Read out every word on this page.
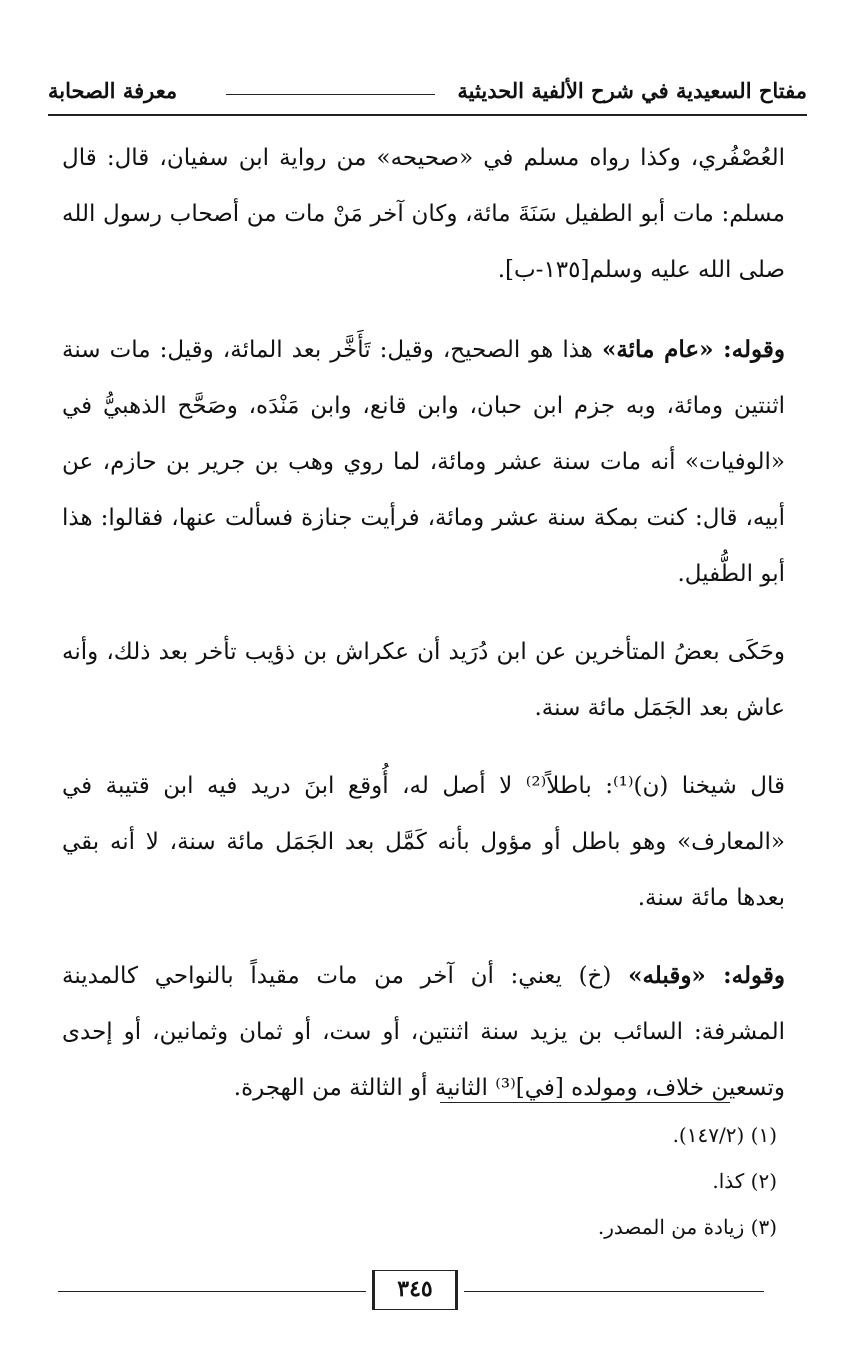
مفتاح السعيدية في شرح الألفية الحديثية
معرفة الصحابة

العُصْفُري، وكذا رواه مسلم في «صحيحه» من رواية ابن سفيان، قال: قال مسلم: مات أبو الطفيل سَنَةَ مائة، وكان آخر مَنْ مات من أصحاب رسول الله صلى الله عليه وسلم[١٣٥-ب].

وقوله: «عام مائة» هذا هو الصحيح، وقيل: تَأَخَّر بعد المائة، وقيل: مات سنة اثنتين ومائة، وبه جزم ابن حبان، وابن قانع، وابن مَنْدَه، وصَحَّح الذهبيُّ في «الوفيات» أنه مات سنة عشر ومائة، لما روي وهب بن جرير بن حازم، عن أبيه، قال: كنت بمكة سنة عشر ومائة، فرأيت جنازة فسألت عنها، فقالوا: هذا أبو الطُّفيل.

وحَكَى بعضُ المتأخرين عن ابن دُرَيد أن عكراش بن ذؤيب تأخر بعد ذلك، وأنه عاش بعد الجَمَل مائة سنة.

قال شيخنا (ن)⁽¹⁾: باطلاً⁽²⁾ لا أصل له، أُوقع ابنَ دريد فيه ابن قتيبة في «المعارف» وهو باطل أو مؤول بأنه كَمَّل بعد الجَمَل مائة سنة، لا أنه بقي بعدها مائة سنة.

وقوله: «وقبله» (خ) يعني: أن آخر من مات مقيداً بالنواحي كالمدينة المشرفة: السائب بن يزيد سنة اثنتين، أو ست، أو ثمان وثمانين، أو إحدى وتسعين خلاف، ومولده [في]⁽³⁾ الثانية أو الثالثة من الهجرة.

(١) (١٤٧/٢).
(٢) كذا.
(٣) زيادة من المصدر.
٣٤٥
